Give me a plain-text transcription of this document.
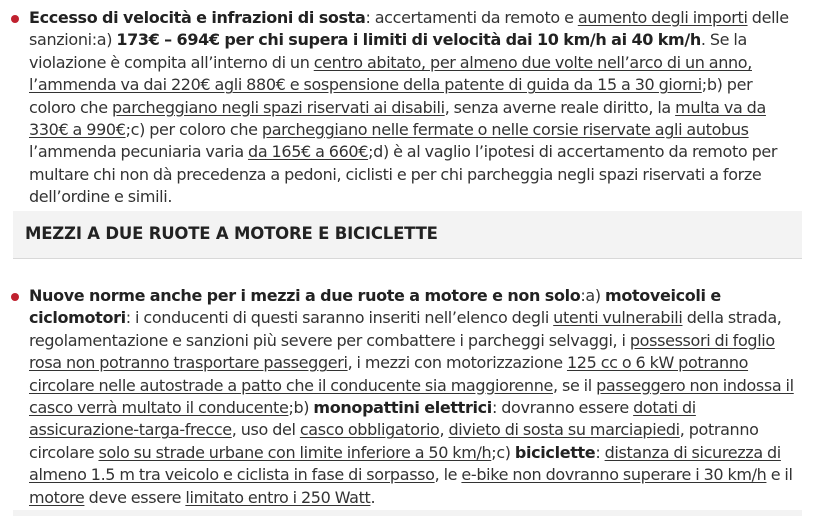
Eccesso di velocità e infrazioni di sosta: accertamenti da remoto e aumento degli importi delle sanzioni:a) 173€ – 694€ per chi supera i limiti di velocità dai 10 km/h ai 40 km/h. Se la violazione è compita all’interno di un centro abitato, per almeno due volte nell’arco di un anno, l’ammenda va dai 220€ agli 880€ e sospensione della patente di guida da 15 a 30 giorni;b) per coloro che parcheggiano negli spazi riservati ai disabili, senza averne reale diritto, la multa va da 330€ a 990€;c) per coloro che parcheggiano nelle fermate o nelle corsie riservate agli autobus l’ammenda pecuniaria varia da 165€ a 660€;d) è al vaglio l’ipotesi di accertamento da remoto per multare chi non dà precedenza a pedoni, ciclisti e per chi parcheggia negli spazi riservati a forze dell’ordine e simili.
MEZZI A DUE RUOTE A MOTORE E BICICLETTE
Nuove norme anche per i mezzi a due ruote a motore e non solo:a) motoveicoli e ciclomotori: i conducenti di questi saranno inseriti nell’elenco degli utenti vulnerabili della strada, regolamentazione e sanzioni più severe per combattere i parcheggi selvaggi, i possessori di foglio rosa non potranno trasportare passeggeri, i mezzi con motorizzazione 125 cc o 6 kW potranno circolare nelle autostrade a patto che il conducente sia maggiorenne, se il passeggero non indossa il casco verrà multato il conducente;b) monopattini elettrici: dovranno essere dotati di assicurazione-targa-frecce, uso del casco obbligatorio, divieto di sosta su marciapiedi, potranno circolare solo su strade urbane con limite inferiore a 50 km/h;c) biciclette: distanza di sicurezza di almeno 1.5 m tra veicolo e ciclista in fase di sorpasso, le e-bike non dovranno superare i 30 km/h e il motore deve essere limitato entro i 250 Watt.
